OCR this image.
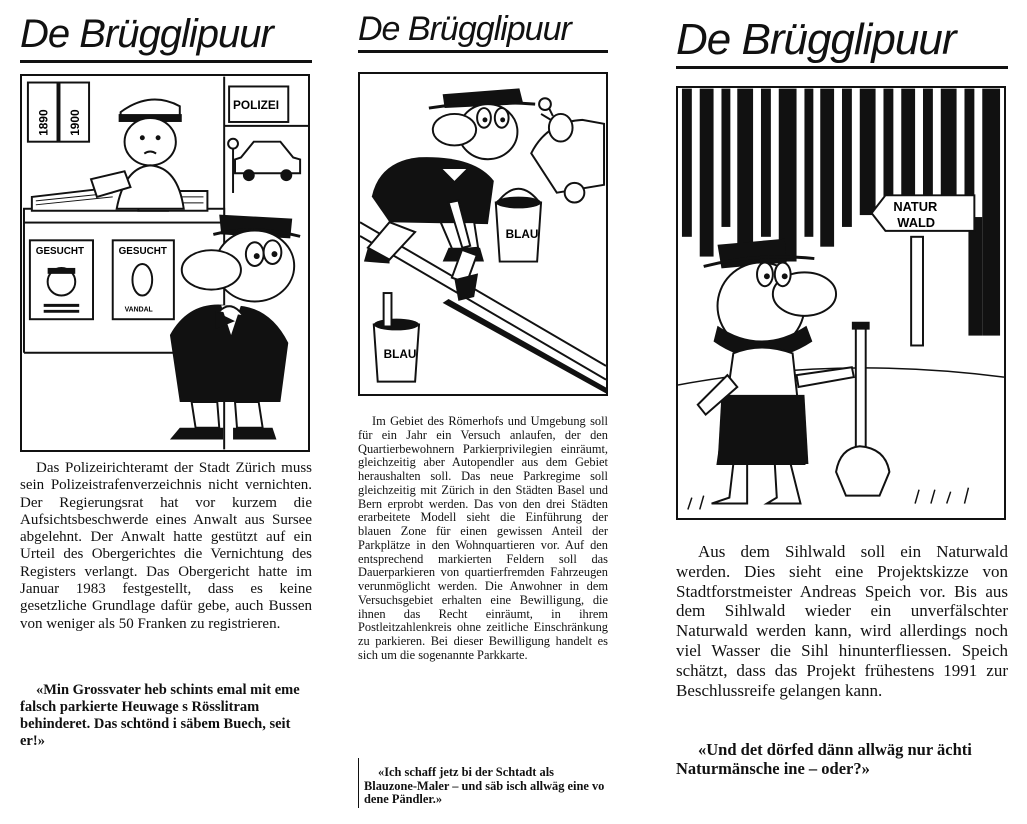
De Brügglipuur
POLIZEI
1890 1900
GESUCHT	GESUCHT
VANDAL

Das Polizeirichteramt der Stadt Zürich muss sein Polizeistrafenverzeichnis nicht vernichten. Der Regierungsrat hat vor kurzem die Aufsichtsbeschwerde eines Anwalt aus Sursee abgelehnt. Der Anwalt hatte gestützt auf ein Urteil des Obergerichtes die Vernichtung des Registers verlangt. Das Obergericht hatte im Januar 1983 festgestellt, dass es keine gesetzliche Grundlage dafür gebe, auch Bussen von weniger als 50 Franken zu registrieren.

«Min Grossvater heb schints emal mit eme falsch parkierte Heuwage s Rösslitram behinderet. Das schtönd i säbem Buech, seit er!»

De Brügglipuur
BLAU
BLAU

Im Gebiet des Römerhofs und Umgebung soll für ein Jahr ein Versuch anlaufen, der den Quartierbewohnern Parkierprivilegien einräumt, gleichzeitig aber Autopendler aus dem Gebiet heraushalten soll. Das neue Parkregime soll gleichzeitig mit Zürich in den Städten Basel und Bern erprobt werden. Das von den drei Städten erarbeitete Modell sieht die Einführung der blauen Zone für einen gewissen Anteil der Parkplätze in den Wohnquartieren vor. Auf den entsprechend markierten Feldern soll das Dauerparkieren von quartierfremden Fahrzeugen verunmöglicht werden. Die Anwohner in dem Versuchsgebiet erhalten eine Bewilligung, die ihnen das Recht einräumt, in ihrem Postleitzahlenkreis ohne zeitliche Einschränkung zu parkieren. Bei dieser Bewilligung handelt es sich um die sogenannte Parkkarte.

«Ich schaff jetz bi der Schtadt als Blauzone-Maler – und säb isch allwäg eine vo dene Pändler.»

De Brügglipuur
NATUR
WALD

Aus dem Sihlwald soll ein Naturwald werden. Dies sieht eine Projektskizze von Stadtforstmeister Andreas Speich vor. Bis aus dem Sihlwald wieder ein unverfälschter Naturwald werden kann, wird allerdings noch viel Wasser die Sihl hinunterfliessen. Speich schätzt, dass das Projekt frühestens 1991 zur Beschlussreife gelangen kann.

«Und det dörfed dänn allwäg nur ächti Naturmänsche ine – oder?»
